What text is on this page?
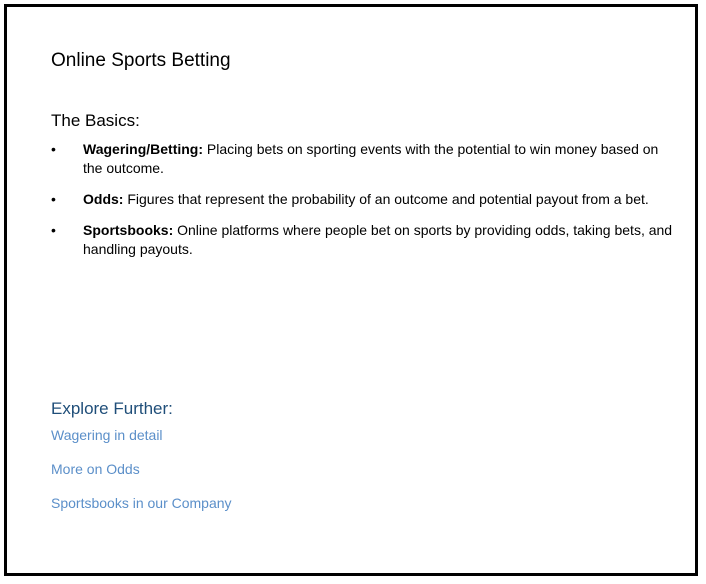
Online Sports Betting
The Basics:
•	Wagering/Betting: Placing bets on sporting events with the potential to win money based on the outcome.
•	Odds: Figures that represent the probability of an outcome and potential payout from a bet.
•	Sportsbooks: Online platforms where people bet on sports by providing odds, taking bets, and handling payouts.
Explore Further:
Wagering in detail
More on Odds
Sportsbooks in our Company
